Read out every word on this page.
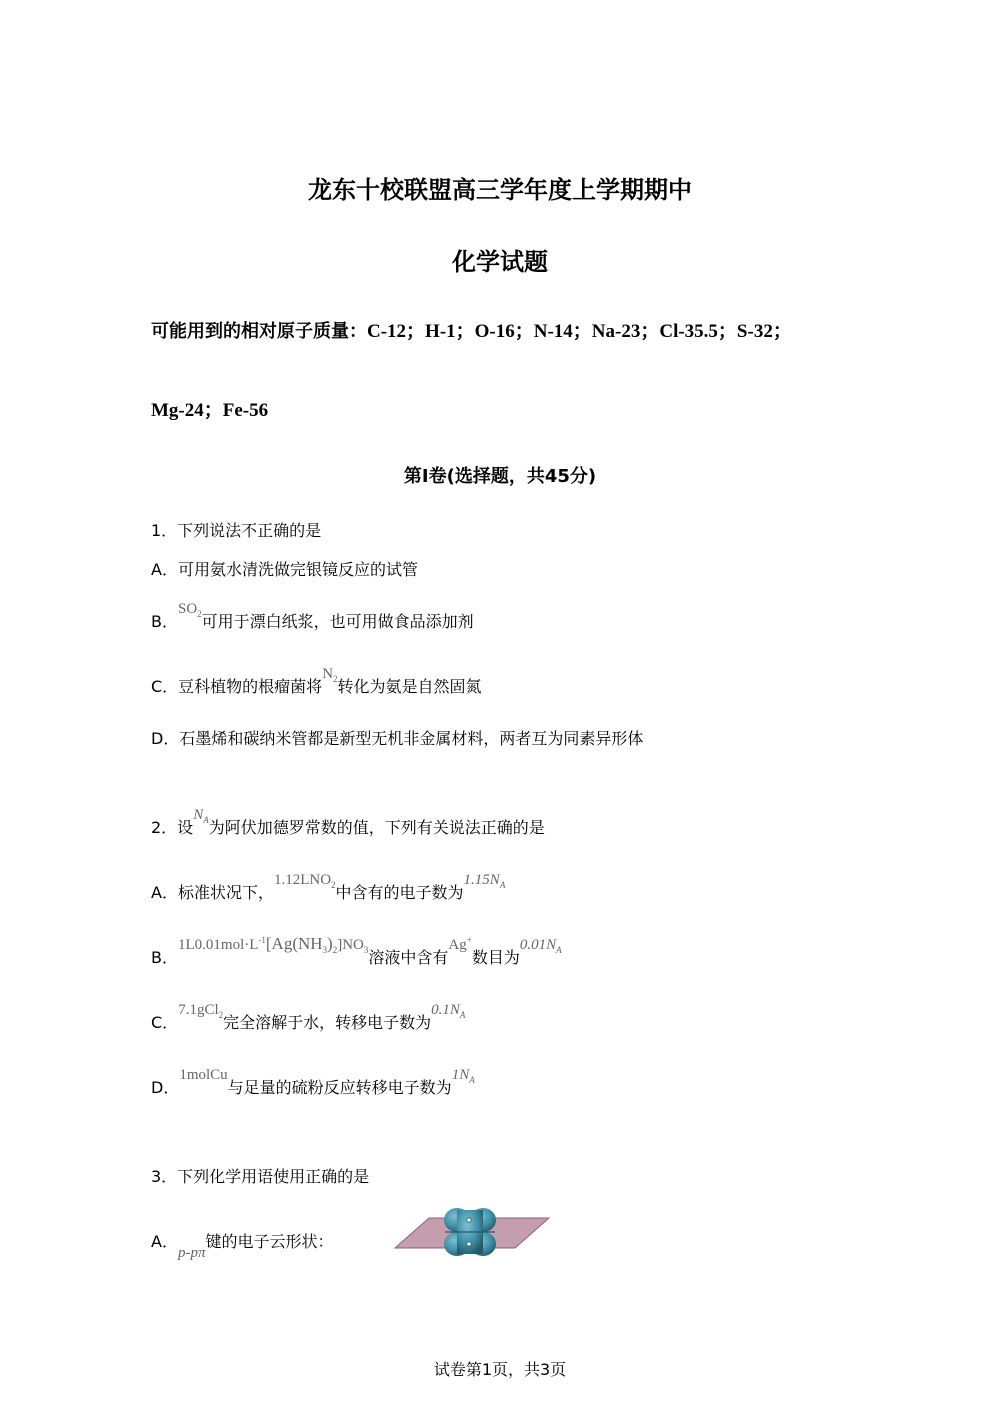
龙东十校联盟高三学年度上学期期中
化学试题
可能用到的相对原子质量：C-12；H-1；O-16；N-14；Na-23；Cl-35.5；S-32；
Mg-24；Fe-56
第Ⅰ卷(选择题，共45分)
1．下列说法不正确的是
A．可用氨水清洗做完银镜反应的试管
B．$SO_2$可用于漂白纸浆，也可用做食品添加剂
C．豆科植物的根瘤菌将$N_2$转化为氨是自然固氮
D．石墨烯和碳纳米管都是新型无机非金属材料，两者互为同素异形体
2．设$N_A$为阿伏加德罗常数的值，下列有关说法正确的是
A．标准状况下，$1.12LNO_2$中含有的电子数为$1.15N_A$
B．$1L0.01mol\cdot L^{-1}[Ag(NH_3)_2]NO_3$溶液中含有Ag+数目为$0.01N_A$
C．7.1gCl$_2$完全溶解于水，转移电子数为$0.1N_A$
D．1molCu与足量的硫粉反应转移电子数为$1N_A$
3．下列化学用语使用正确的是
A．p-pπ键的电子云形状：
试卷第1页，共3页
